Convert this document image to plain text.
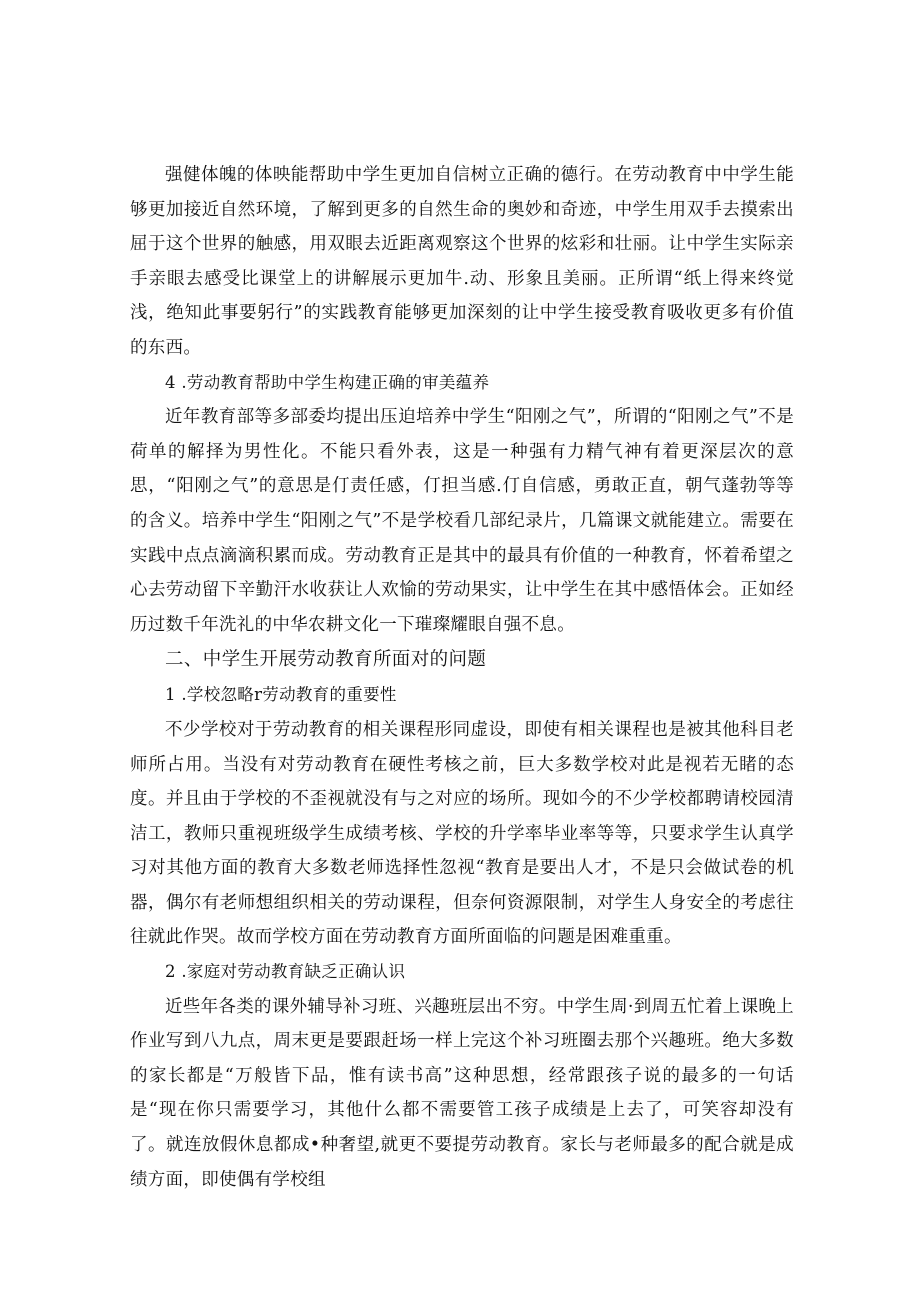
强健体魄的体映能帮助中学生更加自信树立正确的德行。在劳动教育中中学生能够更加接近自然环境，了解到更多的自然生命的奥妙和奇迹，中学生用双手去摸索出屈于这个世界的触感，用双眼去近距离观察这个世界的炫彩和壮丽。让中学生实际亲手亲眼去感受比课堂上的讲解展示更加牛.动、形象且美丽。正所谓“纸上得来终觉浅，绝知此事要躬行”的实践教育能够更加深刻的让中学生接受教育吸收更多有价值的东西。

4 .劳动教育帮助中学生构建正确的审美蕴养

近年教育部等多部委均提出压迫培养中学生“阳刚之气”，所谓的“阳刚之气”不是荷单的解择为男性化。不能只看外表，这是一种强有力精气神有着更深层次的意思，“阳刚之气”的意思是仃责任感，仃担当感.仃自信感，勇敢正直，朝气蓬勃等等的含义。培养中学生“阳刚之气”不是学校看几部纪录片，几篇课文就能建立。需要在实践中点点滴滴积累而成。劳动教育正是其中的最具有价值的一种教育，怀着希望之心去劳动留下辛勤汗水收获让人欢愉的劳动果实，让中学生在其中感悟体会。正如经历过数千年洗礼的中华农耕文化一下璀璨耀眼自强不息。

二、中学生开展劳动教育所面对的问题

1 .学校忽略r劳动教育的重要性

不少学校对于劳动教育的相关课程形同虚设，即使有相关课程也是被其他科目老师所占用。当没有对劳动教育在硬性考核之前，巨大多数学校对此是视若无睹的态度。并且由于学校的不歪视就没有与之对应的场所。现如今的不少学校都聘请校园清洁工，教师只重视班级学生成绩考核、学校的升学率毕业率等等，只要求学生认真学习对其他方面的教育大多数老师选择性忽视“教育是要出人才，不是只会做试卷的机器，偶尔有老师想组织相关的劳动课程，但奈何资源限制，对学生人身安全的考虑往往就此作哭。故而学校方面在劳动教育方面所面临的问题是困难重重。

2 .家庭对劳动教育缺乏正确认识

近些年各类的课外辅导补习班、兴趣班层出不穷。中学生周·到周五忙着上课晚上作业写到八九点，周末更是要跟赶场一样上完这个补习班圈去那个兴趣班。绝大多数的家长都是“万般皆下品，惟有读书高”这种思想，经常跟孩子说的最多的一句话是“现在你只需要学习，其他什么都不需要管工孩子成绩是上去了，可笑容却没有了。就连放假休息都成•种奢望,就更不要提劳动教育。家长与老师最多的配合就是成绩方面，即使偶有学校组
